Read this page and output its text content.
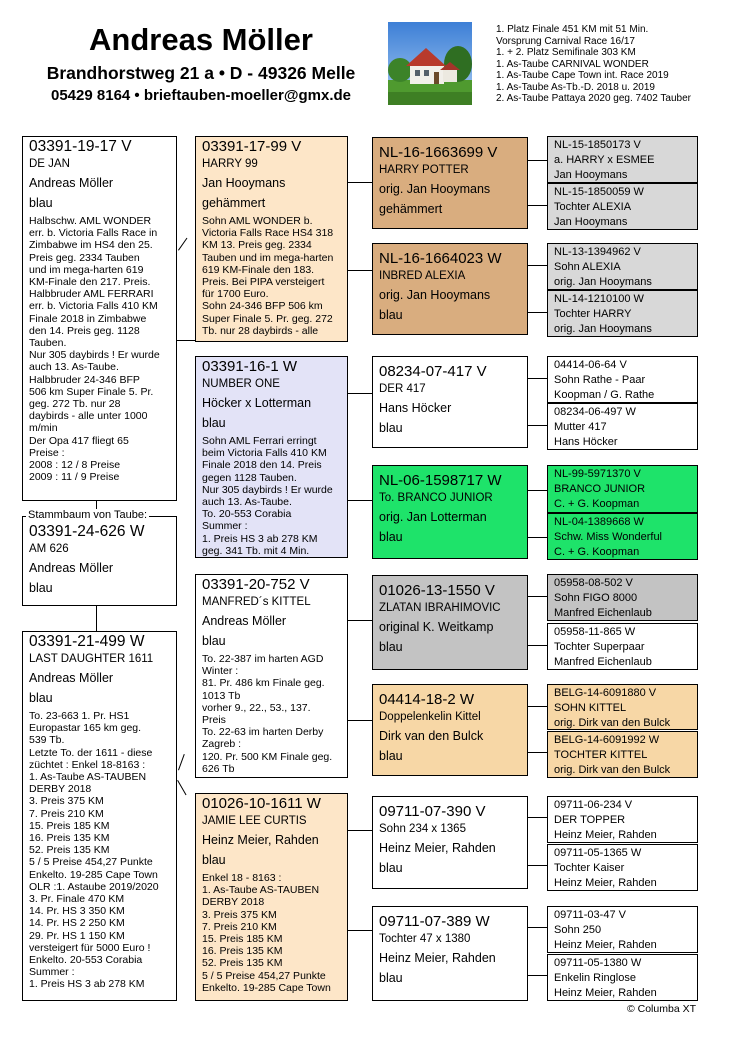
Andreas Möller
Brandhorstweg 21 a • D - 49326 Melle
05429 8164 • brieftauben-moeller@gmx.de
1. Platz Finale 451 KM mit 51 Min.
Vorsprung Carnival Race 16/17
1. + 2. Platz Semifinale 303 KM
1. As-Taube CARNIVAL WONDER
1. As-Taube Cape Town int. Race 2019
1. As-Taube As-Tb.-D. 2018 u. 2019
2. As-Taube Pattaya 2020 geg. 7402 Tauber
03391-19-17 V
DE JAN
Andreas Möller
blau
Halbschw. AML WONDER
err. b. Victoria Falls Race in
Zimbabwe im HS4 den 25.
Preis geg. 2334 Tauben
und im mega-harten 619
KM-Finale den 217. Preis.
Halbbruder AML FERRARI
err. b. Victoria Falls 410 KM
Finale 2018 in Zimbabwe
den 14. Preis geg. 1128
Tauben.
Nur 305 daybirds ! Er wurde
auch 13. As-Taube.
Halbbruder 24-346 BFP
506 km Super Finale 5. Pr.
geg. 272 Tb. nur 28
daybirds - alle unter 1000
m/min
Der Opa 417 fliegt 65
Preise :
2008 : 12 / 8 Preise
2009 : 11 / 9 Preise
Stammbaum von Taube:
03391-24-626 W
AM 626
Andreas Möller
blau
03391-21-499 W
LAST DAUGHTER 1611
Andreas Möller
blau
To. 23-663 1. Pr. HS1
Europastar 165 km geg.
539 Tb.
Letzte To. der 1611 - diese
züchtet : Enkel 18-8163 :
1. As-Taube AS-TAUBEN
DERBY 2018
3. Preis 375 KM
7. Preis 210 KM
15. Preis 185 KM
16. Preis 135 KM
52. Preis 135 KM
5 / 5 Preise 454,27 Punkte
Enkelto. 19-285 Cape Town
OLR :1. Astaube 2019/2020
3. Pr. Finale 470 KM
14. Pr. HS 3 350 KM
14. Pr. HS 2 250 KM
29. Pr. HS 1 150 KM
versteigert für 5000 Euro !
Enkelto. 20-553 Corabia
Summer :
1. Preis HS 3 ab 278 KM
03391-17-99 V
HARRY 99
Jan Hooymans
gehämmert
Sohn AML WONDER b.
Victoria Falls Race HS4 318
KM 13. Preis geg. 2334
Tauben und im mega-harten
619 KM-Finale den 183.
Preis. Bei PIPA versteigert
für 1700 Euro.
Sohn 24-346 BFP 506 km
Super Finale 5. Pr. geg. 272
Tb. nur 28 daybirds - alle
03391-16-1 W
NUMBER ONE
Höcker x Lotterman
blau
Sohn AML Ferrari erringt
beim Victoria Falls 410 KM
Finale 2018 den 14. Preis
gegen 1128 Tauben.
Nur 305 daybirds ! Er wurde
auch 13. As-Taube.
To. 20-553 Corabia
Summer :
1. Preis HS 3 ab 278 KM
geg. 341 Tb. mit 4 Min.
03391-20-752 V
MANFRED´s KITTEL
Andreas Möller
blau
To. 22-387 im harten AGD
Winter :
81. Pr. 486 km Finale geg.
1013 Tb
vorher 9., 22., 53., 137.
Preis
To. 22-63 im harten Derby
Zagreb :
120. Pr. 500 KM Finale geg.
626 Tb
01026-10-1611 W
JAMIE LEE CURTIS
Heinz Meier, Rahden
blau
Enkel 18 - 8163 :
1. As-Taube AS-TAUBEN
DERBY 2018
3. Preis 375 KM
7. Preis 210 KM
15. Preis 185 KM
16. Preis 135 KM
52. Preis 135 KM
5 / 5 Preise 454,27 Punkte
Enkelto. 19-285 Cape Town
NL-16-1663699 V
HARRY POTTER
orig. Jan Hooymans
gehämmert
NL-16-1664023 W
INBRED ALEXIA
orig. Jan Hooymans
blau
08234-07-417 V
DER 417
Hans Höcker
blau
NL-06-1598717 W
To. BRANCO JUNIOR
orig. Jan Lotterman
blau
01026-13-1550 V
ZLATAN IBRAHIMOVIC
original K. Weitkamp
blau
04414-18-2 W
Doppelenkelin Kittel
Dirk van den Bulck
blau
09711-07-390 V
Sohn 234 x 1365
Heinz Meier, Rahden
blau
09711-07-389 W
Tochter 47 x 1380
Heinz Meier, Rahden
blau
NL-15-1850173 V
a. HARRY x ESMEE
Jan Hooymans
NL-15-1850059 W
Tochter ALEXIA
Jan Hooymans
NL-13-1394962 V
Sohn ALEXIA
orig. Jan Hooymans
NL-14-1210100 W
Tochter HARRY
orig. Jan Hooymans
04414-06-64 V
Sohn Rathe - Paar
Koopman / G. Rathe
08234-06-497 W
Mutter 417
Hans Höcker
NL-99-5971370 V
BRANCO JUNIOR
C. + G. Koopman
NL-04-1389668 W
Schw. Miss Wonderful
C. + G. Koopman
05958-08-502 V
Sohn FIGO 8000
Manfred Eichenlaub
05958-11-865 W
Tochter Superpaar
Manfred Eichenlaub
BELG-14-6091880 V
SOHN KITTEL
orig. Dirk van den Bulck
BELG-14-6091992 W
TOCHTER KITTEL
orig. Dirk van den Bulck
09711-06-234 V
DER TOPPER
Heinz Meier, Rahden
09711-05-1365 W
Tochter Kaiser
Heinz Meier, Rahden
09711-03-47 V
Sohn 250
Heinz Meier, Rahden
09711-05-1380 W
Enkelin Ringlose
Heinz Meier, Rahden
© Columba XT
